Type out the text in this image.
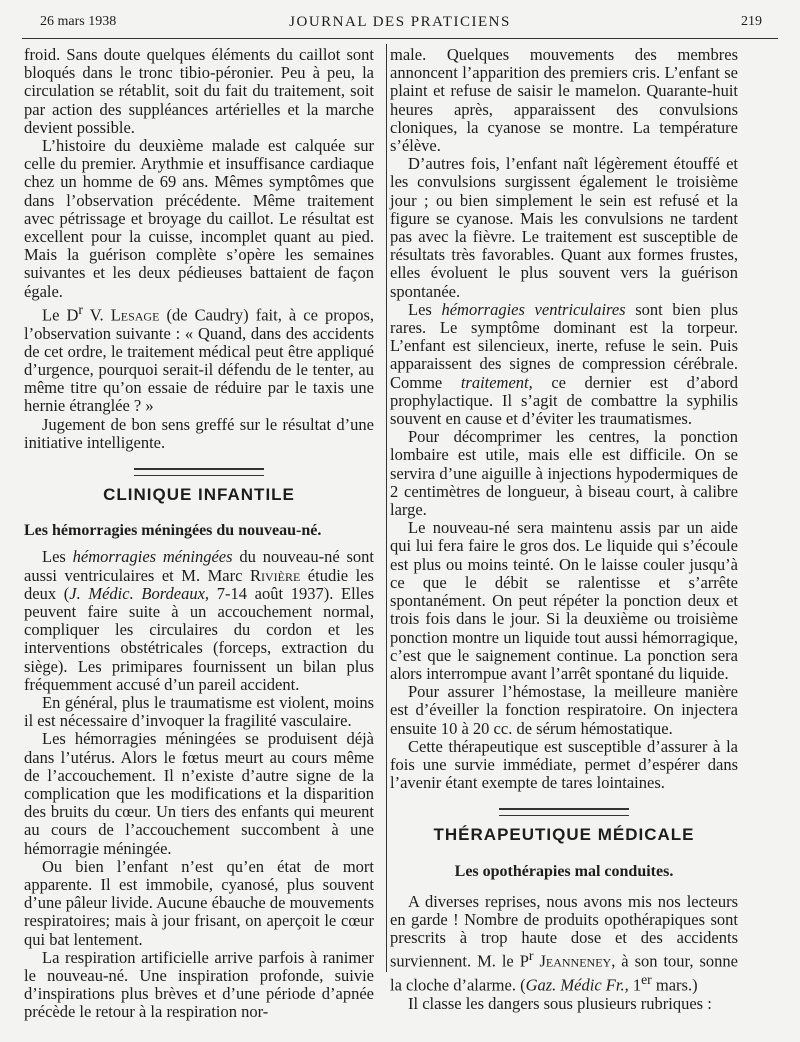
26 mars 1938	JOURNAL DES PRATICIENS	219

froid. Sans doute quelques éléments du caillot sont bloqués dans le tronc tibio-péronier. Peu à peu, la circulation se rétablit, soit du fait du traitement, soit par action des suppléances artérielles et la marche devient possible.

L’histoire du deuxième malade est calquée sur celle du premier. Arythmie et insuffisance cardiaque chez un homme de 69 ans. Mêmes symptômes que dans l’observation précédente. Même traitement avec pétrissage et broyage du caillot. Le résultat est excellent pour la cuisse, incomplet quant au pied. Mais la guérison complète s’opère les semaines suivantes et les deux pédieuses battaient de façon égale.

Le $D^r$ V. Lesage (de Caudry) fait, à ce propos, l’observation suivante : « Quand, dans des accidents de cet ordre, le traitement médical peut être appliqué d’urgence, pourquoi serait-il défendu de le tenter, au même titre qu’on essaie de réduire par le taxis une hernie étranglée ? »

Jugement de bon sens greffé sur le résultat d’une initiative intelligente.

CLINIQUE INFANTILE
Les hémorragies méningées du nouveau-né.

Les hémorragies méningées du nouveau-né sont aussi ventriculaires et M. Marc Rivière étudie les deux (J. Médic. Bordeaux, 7-14 août 1937). Elles peuvent faire suite à un accouchement normal, compliquer les circulaires du cordon et les interventions obstétricales (forceps, extraction du siège). Les primipares fournissent un bilan plus fréquemment accusé d’un pareil accident.

En général, plus le traumatisme est violent, moins il est nécessaire d’invoquer la fragilité vasculaire.

Les hémorragies méningées se produisent déjà dans l’utérus. Alors le fœtus meurt au cours même de l’accouchement. Il n’existe d’autre signe de la complication que les modifications et la disparition des bruits du cœur. Un tiers des enfants qui meurent au cours de l’accouchement succombent à une hémorragie méningée.

Ou bien l’enfant n’est qu’en état de mort apparente. Il est immobile, cyanosé, plus souvent d’une pâleur livide. Aucune ébauche de mouvements respiratoires; mais à jour frisant, on aperçoit le cœur qui bat lentement.

La respiration artificielle arrive parfois à ranimer le nouveau-né. Une inspiration profonde, suivie d’inspirations plus brèves et d’une période d’apnée précède le retour à la respiration nor-

male. Quelques mouvements des membres annoncent l’apparition des premiers cris. L’enfant se plaint et refuse de saisir le mamelon. Quarante-huit heures après, apparaissent des convulsions cloniques, la cyanose se montre. La température s’élève.

D’autres fois, l’enfant naît légèrement étouffé et les convulsions surgissent également le troisième jour ; ou bien simplement le sein est refusé et la figure se cyanose. Mais les convulsions ne tardent pas avec la fièvre. Le traitement est susceptible de résultats très favorables. Quant aux formes frustes, elles évoluent le plus souvent vers la guérison spontanée.

Les hémorragies ventriculaires sont bien plus rares. Le symptôme dominant est la torpeur. L’enfant est silencieux, inerte, refuse le sein. Puis apparaissent des signes de compression cérébrale. Comme traitement, ce dernier est d’abord prophylactique. Il s’agit de combattre la syphilis souvent en cause et d’éviter les traumatismes.

Pour décomprimer les centres, la ponction lombaire est utile, mais elle est difficile. On se servira d’une aiguille à injections hypodermiques de 2 centimètres de longueur, à biseau court, à calibre large.

Le nouveau-né sera maintenu assis par un aide qui lui fera faire le gros dos. Le liquide qui s’écoule est plus ou moins teinté. On le laisse couler jusqu’à ce que le débit se ralentisse et s’arrête spontanément. On peut répéter la ponction deux et trois fois dans le jour. Si la deuxième ou troisième ponction montre un liquide tout aussi hémorragique, c’est que le saignement continue. La ponction sera alors interrompue avant l’arrêt spontané du liquide.

Pour assurer l’hémostase, la meilleure manière est d’éveiller la fonction respiratoire. On injectera ensuite 10 à 20 cc. de sérum hémostatique.

Cette thérapeutique est susceptible d’assurer à la fois une survie immédiate, permet d’espérer dans l’avenir étant exempte de tares lointaines.

THÉRAPEUTIQUE MÉDICALE
Les opothérapies mal conduites.

A diverses reprises, nous avons mis nos lecteurs en garde ! Nombre de produits opothérapiques sont prescrits à trop haute dose et des accidents surviennent. M. le $P^r$ Jeanneney, à son tour, sonne la cloche d’alarme. (Gaz. Médic Fr., 1er mars.)

Il classe les dangers sous plusieurs rubriques :
